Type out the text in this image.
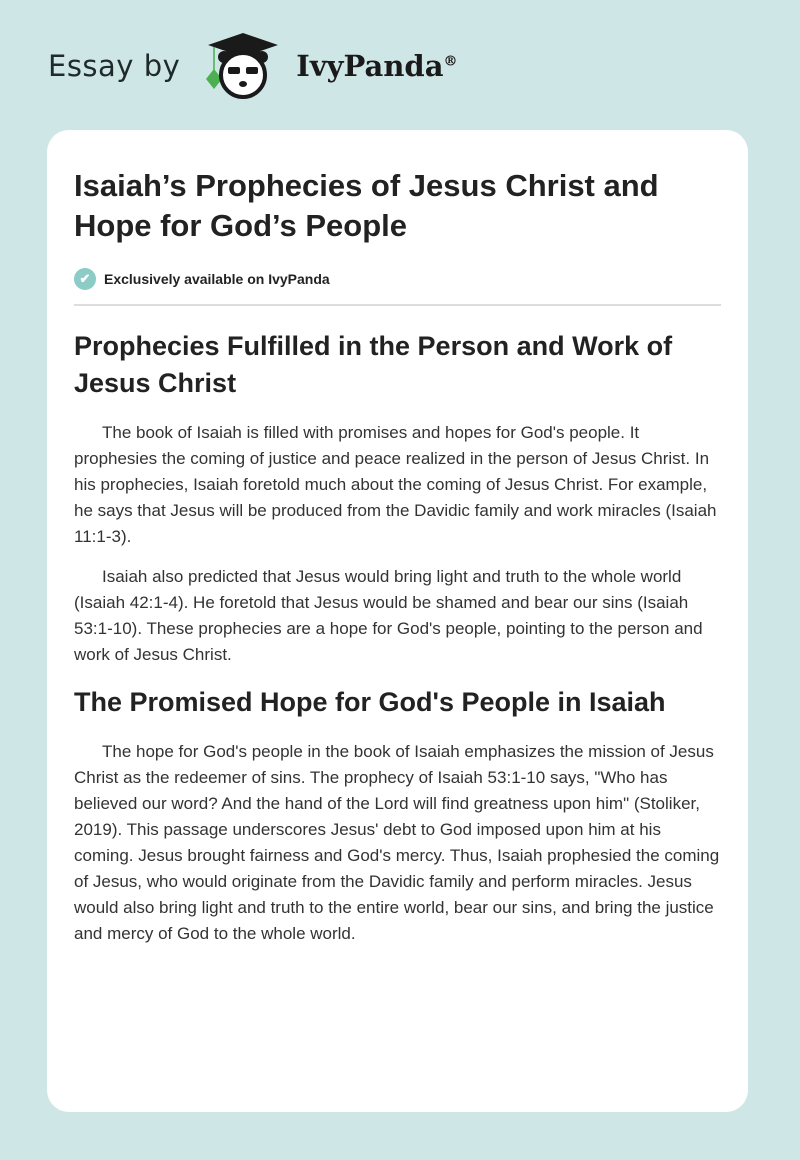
Essay by	IvyPanda®
Isaiah’s Prophecies of Jesus Christ and Hope for God’s People
✔ Exclusively available on IvyPanda
Prophecies Fulfilled in the Person and Work of Jesus Christ

The book of Isaiah is filled with promises and hopes for God's people. It prophesies the coming of justice and peace realized in the person of Jesus Christ. In his prophecies, Isaiah foretold much about the coming of Jesus Christ. For example, he says that Jesus will be produced from the Davidic family and work miracles (Isaiah 11:1-3).

Isaiah also predicted that Jesus would bring light and truth to the whole world (Isaiah 42:1-4). He foretold that Jesus would be shamed and bear our sins (Isaiah 53:1-10). These prophecies are a hope for God's people, pointing to the person and work of Jesus Christ.

The Promised Hope for God's People in Isaiah

The hope for God's people in the book of Isaiah emphasizes the mission of Jesus Christ as the redeemer of sins. The prophecy of Isaiah 53:1-10 says, "Who has believed our word? And the hand of the Lord will find greatness upon him" (Stoliker, 2019). This passage underscores Jesus' debt to God imposed upon him at his coming. Jesus brought fairness and God's mercy. Thus, Isaiah prophesied the coming of Jesus, who would originate from the Davidic family and perform miracles. Jesus would also bring light and truth to the entire world, bear our sins, and bring the justice and mercy of God to the whole world.
